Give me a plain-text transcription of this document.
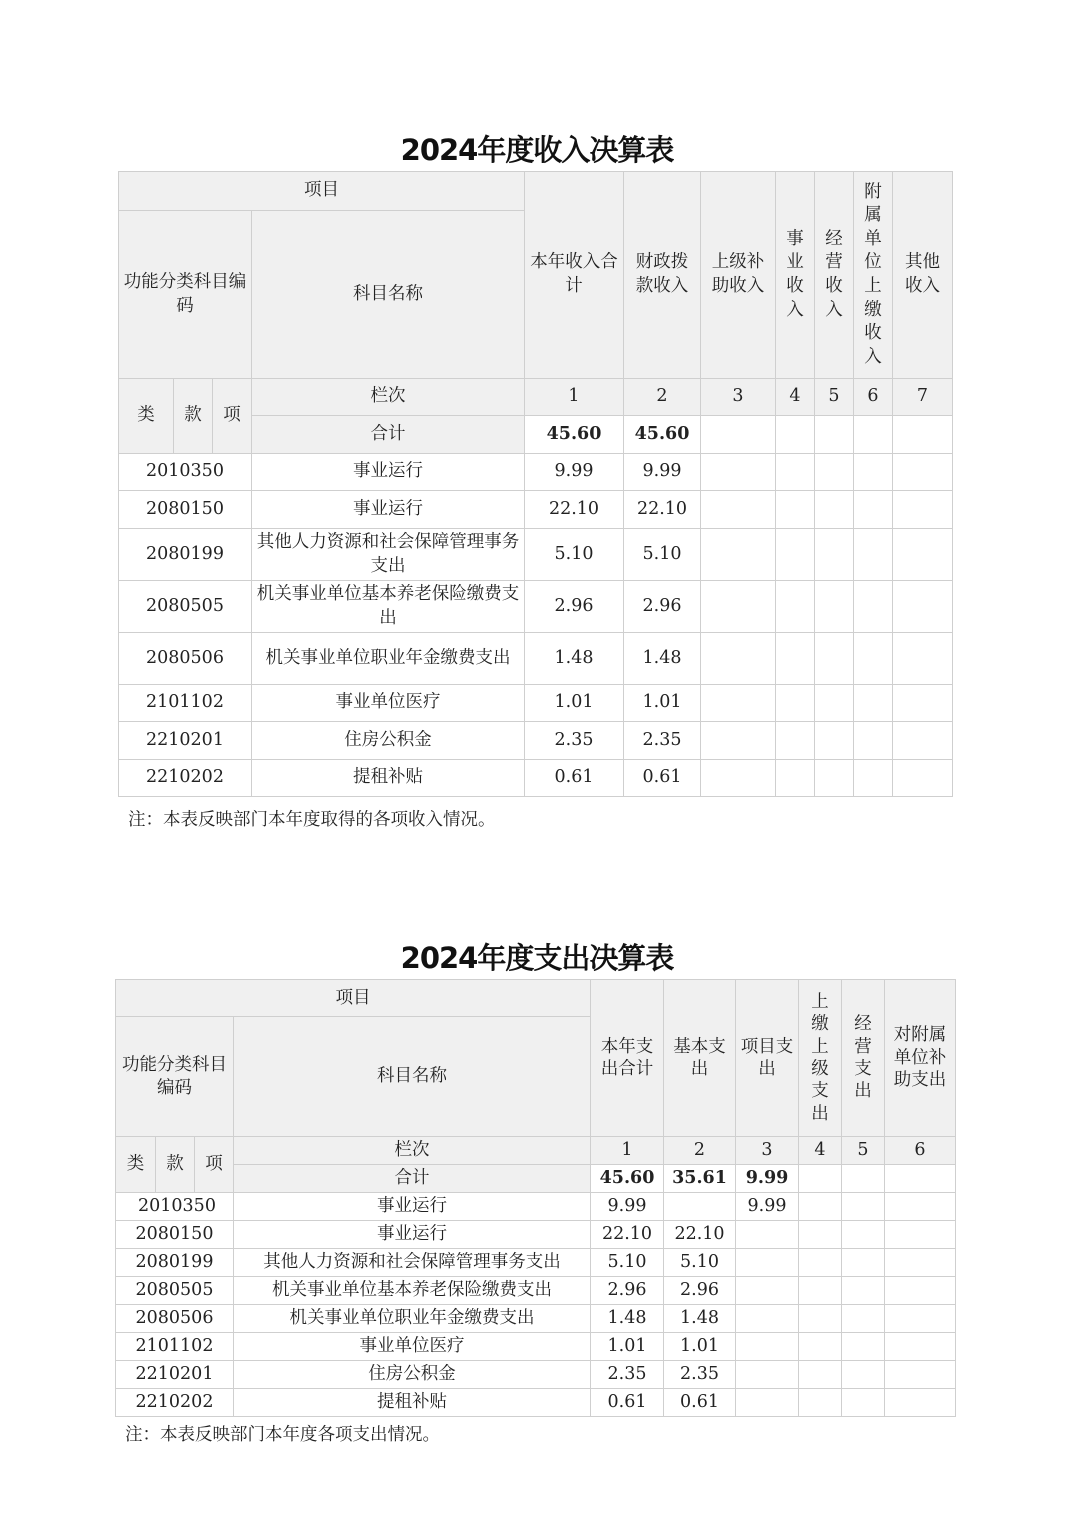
2024年度收入决算表
项目				本年收入合计	财政拨款收入	上级补助收入	事业收入	经营收入	附属单位上缴收入	其他收入
功能分类科目编码			科目名称							
类	款	项	栏次	1	2	3	4	5	6	7
			合计	45.60	45.60					
2010350			事业运行	9.99	9.99					
2080150			事业运行	22.10	22.10					
2080199			其他人力资源和社会保障管理事务支出	5.10	5.10					
2080505			机关事业单位基本养老保险缴费支出	2.96	2.96					
2080506			机关事业单位职业年金缴费支出	1.48	1.48					
2101102			事业单位医疗	1.01	1.01					
2210201			住房公积金	2.35	2.35					
2210202			提租补贴	0.61	0.61					
注：本表反映部门本年度取得的各项收入情况。
2024年度支出决算表
项目				本年支出合计	基本支出	项目支出	上缴上级支出	经营支出	对附属单位补助支出
功能分类科目编码			科目名称						
类	款	项	栏次	1	2	3	4	5	6
			合计	45.60	35.61	9.99			
2010350			事业运行	9.99		9.99			
2080150			事业运行	22.10	22.10				
2080199			其他人力资源和社会保障管理事务支出	5.10	5.10				
2080505			机关事业单位基本养老保险缴费支出	2.96	2.96				
2080506			机关事业单位职业年金缴费支出	1.48	1.48				
2101102			事业单位医疗	1.01	1.01				
2210201			住房公积金	2.35	2.35				
2210202			提租补贴	0.61	0.61				
注：本表反映部门本年度各项支出情况。
